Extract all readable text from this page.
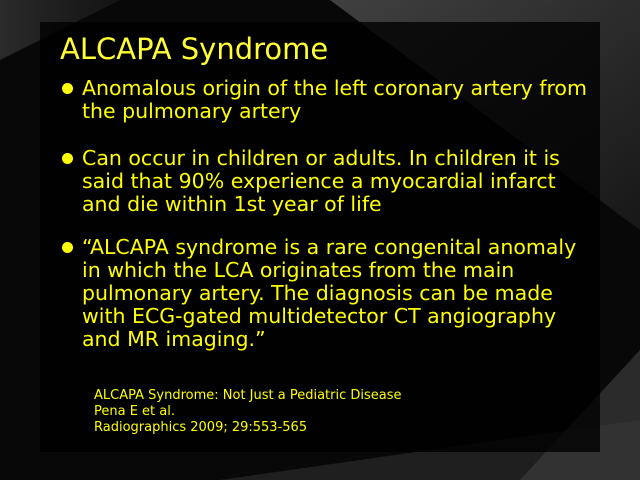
ALCAPA Syndrome
Anomalous origin of the left coronary artery from the pulmonary artery
Can occur in children or adults. In children it is said that 90% experience a myocardial infarct and die within 1st year of life
“ALCAPA syndrome is a rare congenital anomaly in which the LCA originates from the main pulmonary artery. The diagnosis can be made with ECG-gated multidetector CT angiography and MR imaging.”
ALCAPA Syndrome: Not Just a Pediatric Disease
Pena E et al.
Radiographics 2009; 29:553-565
